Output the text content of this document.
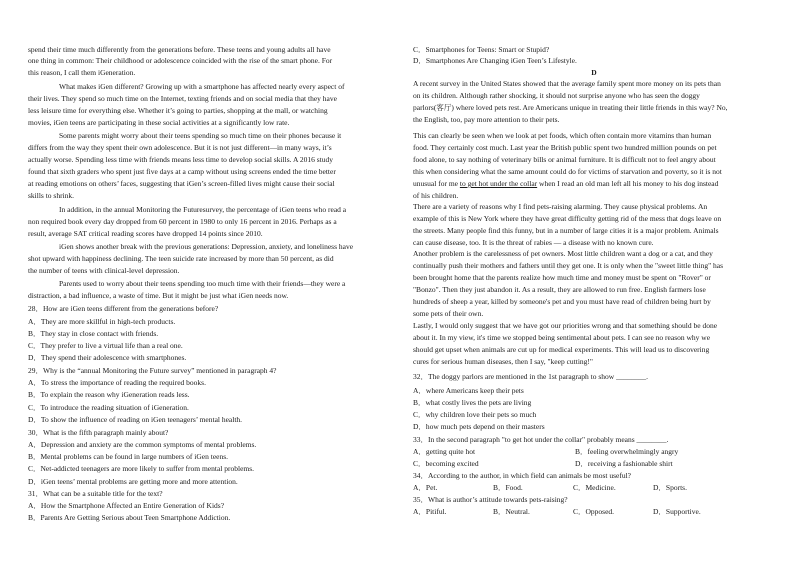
spend their time much differently from the generations before. These teens and young adults all have
one thing in common: Their childhood or adolescence coincided with the rise of the smart phone. For
this reason, I call them iGeneration.
What makes iGen different? Growing up with a smartphone has affected nearly every aspect of
their lives. They spend so much time on the Internet, texting friends and on social media that they have
less leisure time for everything else. Whether it’s going to parties, shopping at the mall, or watching
movies, iGen teens are participating in these social activities at a significantly low rate.
Some parents might worry about their teens spending so much time on their phones because it
differs from the way they spent their own adolescence. But it is not just different—in many ways, it’s
actually worse. Spending less time with friends means less time to develop social skills. A 2016 study
found that sixth graders who spent just five days at a camp without using screens ended the time better
at reading emotions on others’ faces, suggesting that iGen’s screen-filled lives might cause their social
skills to shrink.
In addition, in the annual Monitoring the Futuresurvey, the percentage of iGen teens who read a
non required book every day dropped from 60 percent in 1980 to only 16 percent in 2016. Perhaps as a
result, average SAT critical reading scores have dropped 14 points since 2010.
iGen shows another break with the previous generations: Depression, anxiety, and loneliness have
shot upward with happiness declining. The teen suicide rate increased by more than 50 percent, as did
the number of teens with clinical-level depression.
Parents used to worry about their teens spending too much time with their friends—they were a
distraction, a bad influence, a waste of time. But it might be just what iGen needs now.
28．How are iGen teens different from the generations before?
A．They are more skillful in high-tech products.
B．They stay in close contact with friends.
C．They prefer to live a virtual life than a real one.
D．They spend their adolescence with smartphones.
29．Why is the “annual Monitoring the Future survey” mentioned in paragraph 4?
A．To stress the importance of reading the required books.
B．To explain the reason why iGeneration reads less.
C．To introduce the reading situation of iGeneration.
D．To show the influence of reading on iGen teenagers’ mental health.
30．What is the fifth paragraph mainly about?
A．Depression and anxiety are the common symptoms of mental problems.
B．Mental problems can be found in large numbers of iGen teens.
C．Net-addicted teenagers are more likely to suffer from mental problems.
D．iGen teens’ mental problems are getting more and more attention.
31．What can be a suitable title for the text?
A．How the Smartphone Affected an Entire Generation of Kids?
B．Parents Are Getting Serious about Teen Smartphone Addiction.
C．Smartphones for Teens: Smart or Stupid?
D．Smartphones Are Changing iGen Teen’s Lifestyle.
D
A recent survey in the United States showed that the average family spent more money on its pets than
on its children. Although rather shocking, it should not surprise anyone who has seen the doggy
parlors(客厅) where loved pets rest. Are Americans unique in treating their little friends in this way? No,
the English, too, pay more attention to their pets.
This can clearly be seen when we look at pet foods, which often contain more vitamins than human
food. They certainly cost much. Last year the British public spent two hundred million pounds on pet
food alone, to say nothing of veterinary bills or animal furniture. It is difficult not to feel angry about
this when considering what the same amount could do for victims of starvation and poverty, so it is not
unusual for me to get hot under the collar when I read an old man left all his money to his dog instead
of his children.
There are a variety of reasons why I find pets-raising alarming. They cause physical problems. An
example of this is New York where they have great difficulty getting rid of the mess that dogs leave on
the streets. Many people find this funny, but in a number of large cities it is a major problem. Animals
can cause disease, too. It is the threat of rabies — a disease with no known cure.
Another problem is the carelessness of pet owners. Most little children want a dog or a cat, and they
continually push their mothers and fathers until they get one. It is only when the "sweet little thing" has
been brought home that the parents realize how much time and money must be spent on "Rover" or
"Bonzo". Then they just abandon it. As a result, they are allowed to run free. English farmers lose
hundreds of sheep a year, killed by someone's pet and you must have read of children being hurt by
some pets of their own.
Lastly, I would only suggest that we have got our priorities wrong and that something should be done
about it. In my view, it's time we stopped being sentimental about pets. I can see no reason why we
should get upset when animals are cut up for medical experiments. This will lead us to discovering
cures for serious human diseases, then I say, "keep cutting!"
32．The doggy parlors are mentioned in the 1st paragraph to show ________.
A．where Americans keep their pets
B．what costly lives the pets are living
C．why children love their pets so much
D．how much pets depend on their masters
33．In the second paragraph "to get hot under the collar" probably means ________.
A．getting quite hot	B．feeling overwhelmingly angry
C．becoming excited	D．receiving a fashionable shirt
34．According to the author, in which field can animals be most useful?
A．Pet.	B．Food.	C．Medicine.	D．Sports.
35．What is author’s attitude towards pets-raising?
A．Pitiful.	B．Neutral.	C．Opposed.	D．Supportive.
